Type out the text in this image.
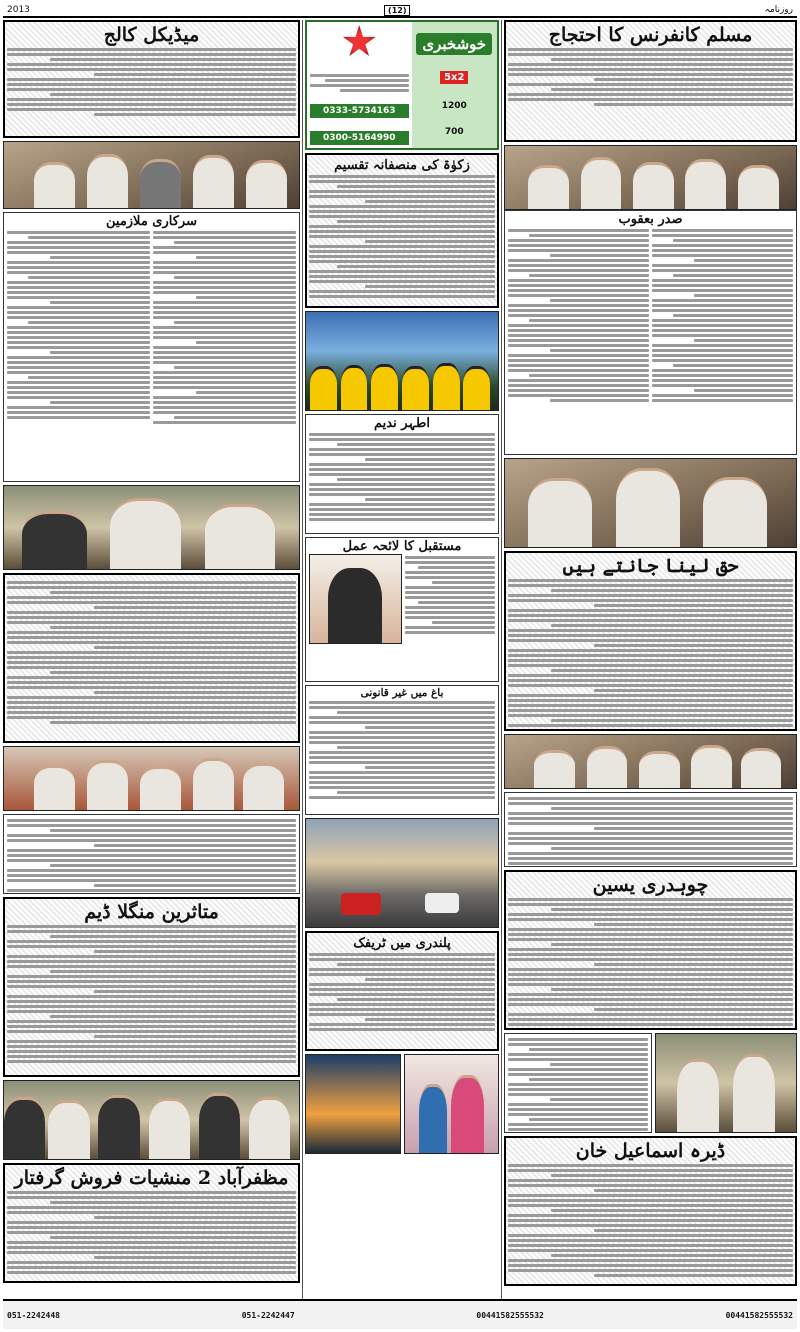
2013	(12)	روزنامہ
مسلم کانفرنس کا احتجاج
صدر بعقوب
حق لینا جانتے ہیں
چوہدری یسین
ڈیرہ اسماعیل خان
خوشخبری
5x2
1200
700
0333-5734163
0300-5164990
زکوٰۃ کی منصفانہ تقسیم
اطہر ندیم
مستقبل کا لائحہ عمل
باغ میں غیر قانونی
پلندری میں ٹریفک
میڈیکل کالج
سرکاری ملازمین
متاثرین منگلا ڈیم
مظفرآباد 2 منشیات فروش گرفتار
051-2242448	051-2242447	00441582555532	00441582555532
